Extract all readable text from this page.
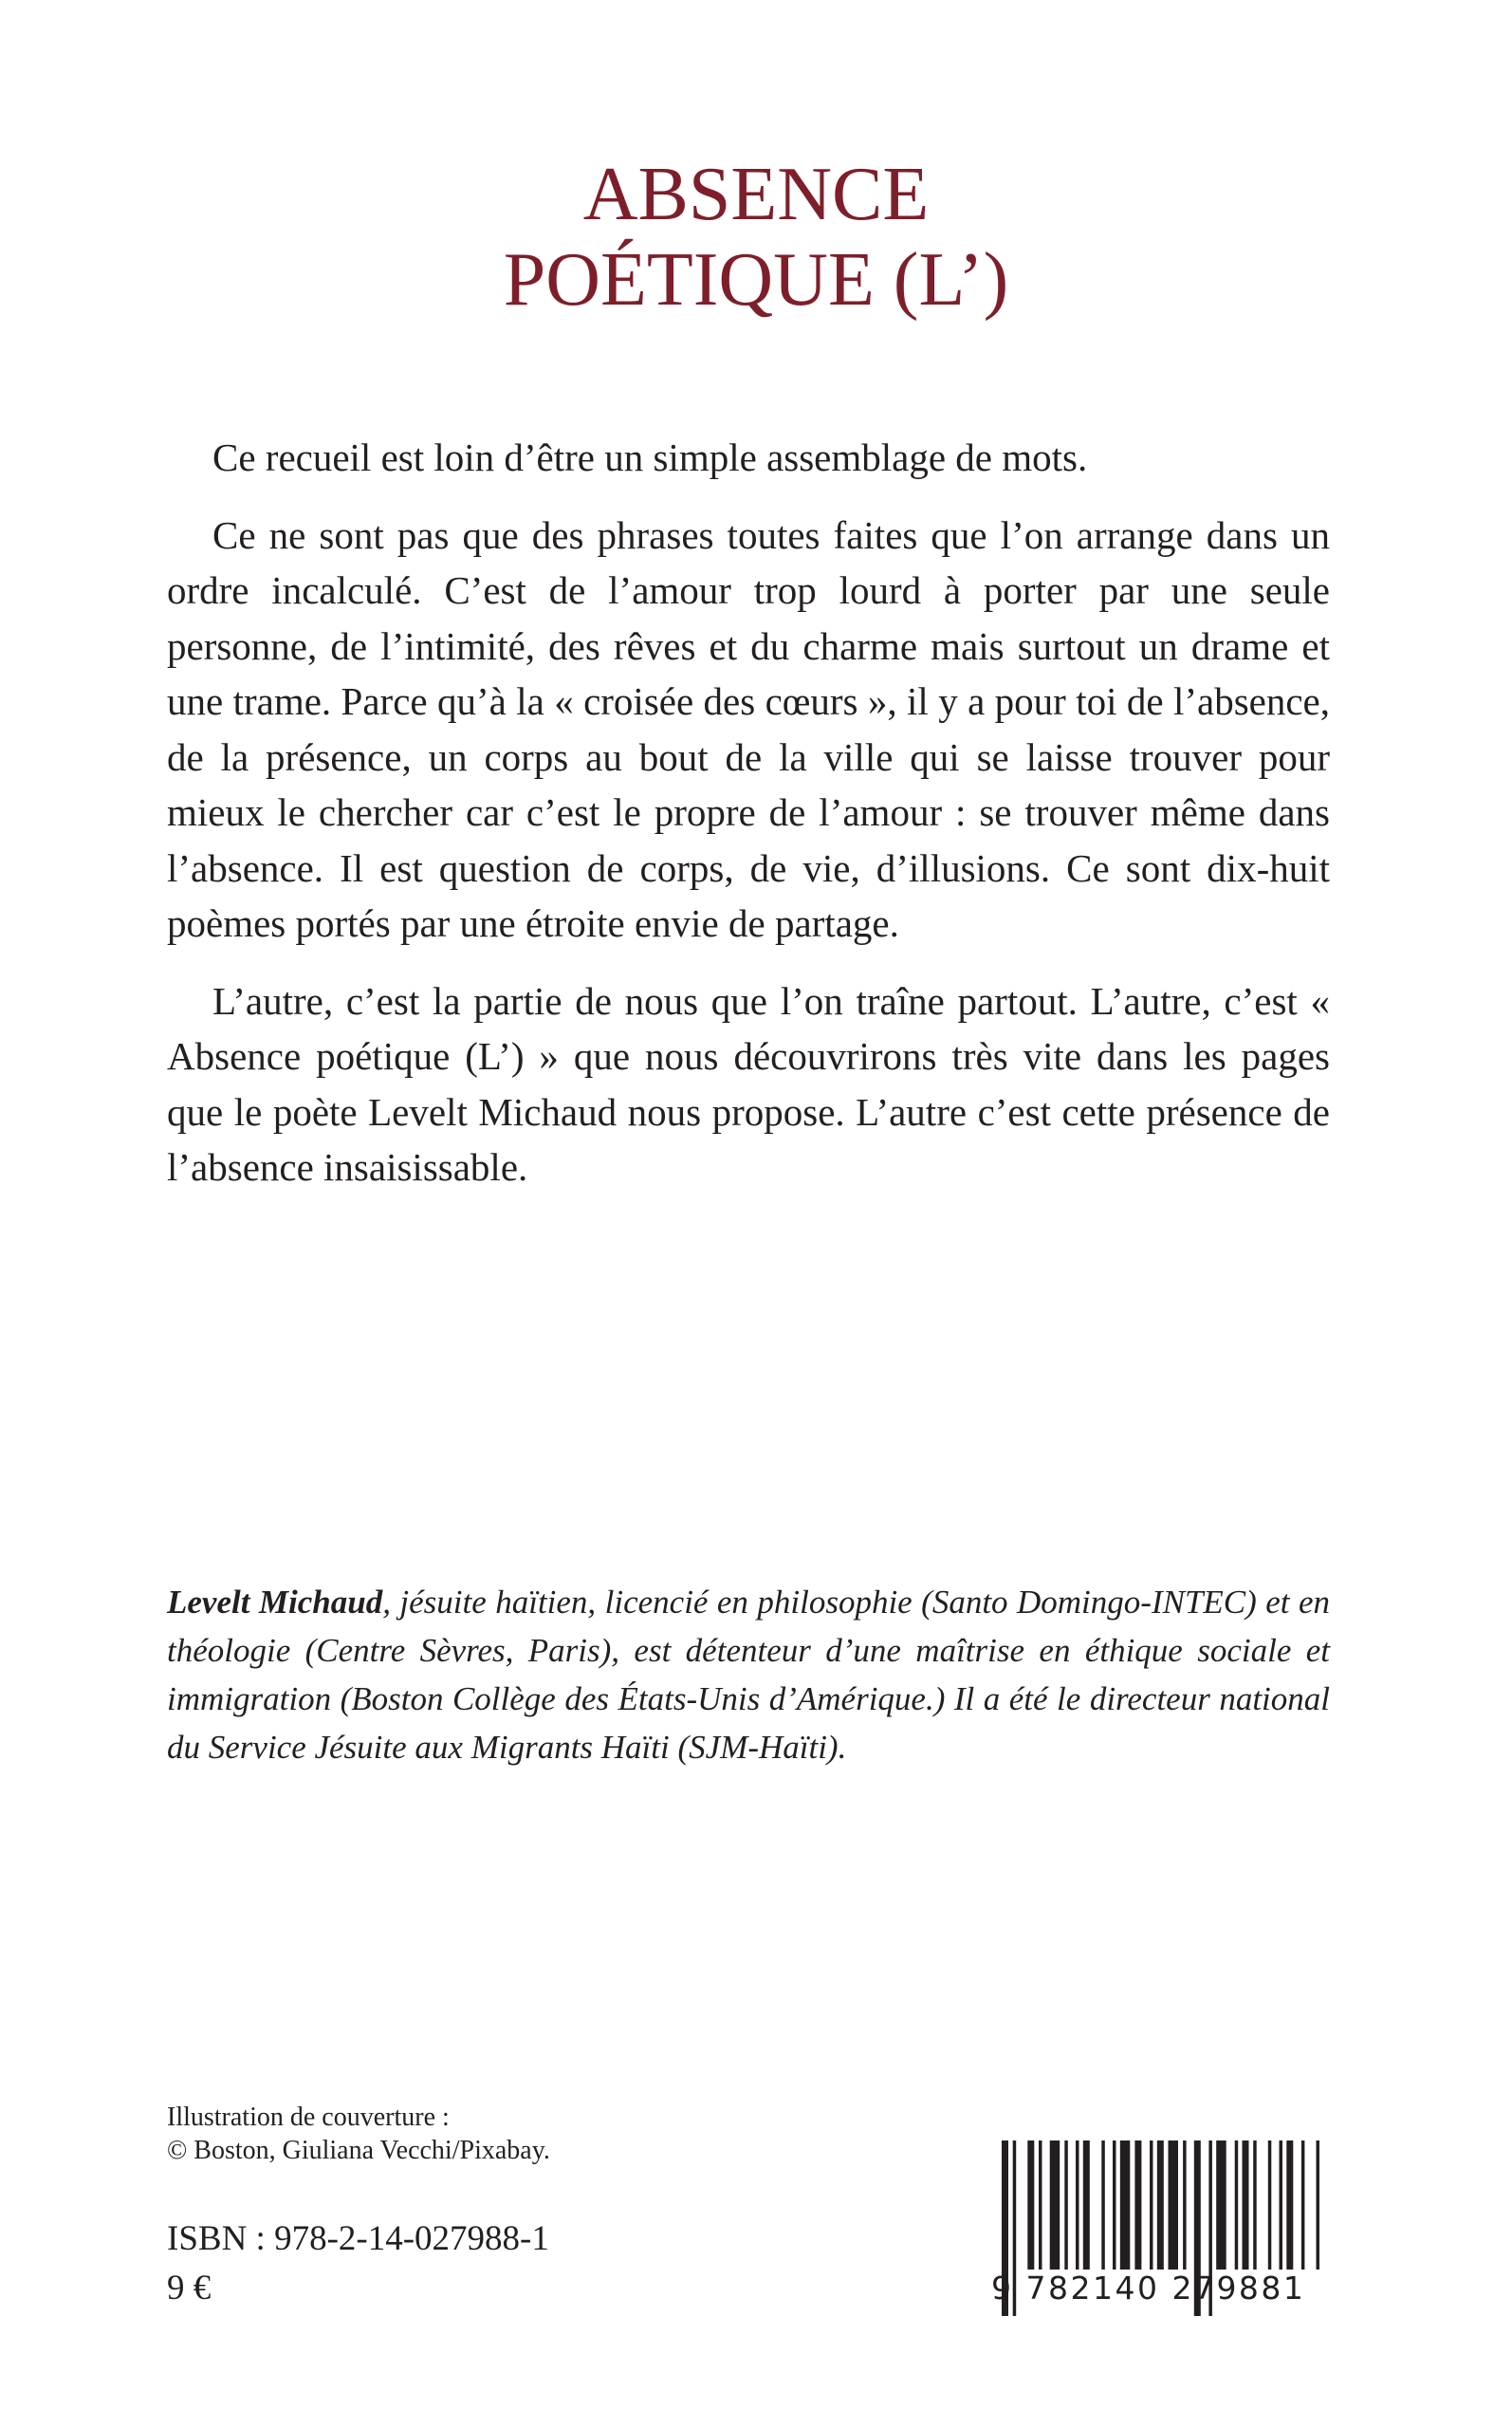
ABSENCE
POÉTIQUE (L’)

Ce recueil est loin d’être un simple assemblage de mots.

Ce ne sont pas que des phrases toutes faites que l’on arrange dans un ordre incalculé. C’est de l’amour trop lourd à porter par une seule personne, de l’intimité, des rêves et du charme mais surtout un drame et une trame. Parce qu’à la « croisée des cœurs », il y a pour toi de l’absence, de la présence, un corps au bout de la ville qui se laisse trouver pour mieux le chercher car c’est le propre de l’amour : se trouver même dans l’absence. Il est question de corps, de vie, d’illusions. Ce sont dix-huit poèmes portés par une étroite envie de partage.

L’autre, c’est la partie de nous que l’on traîne partout. L’autre, c’est « Absence poétique (L’) » que nous découvrirons très vite dans les pages que le poète Levelt Michaud nous propose. L’autre c’est cette présence de l’absence insaisissable.

Levelt Michaud, jésuite haïtien, licencié en philosophie (Santo Domingo-INTEC) et en théologie (Centre Sèvres, Paris), est détenteur d’une maîtrise en éthique sociale et immigration (Boston Collège des États-Unis d’Amérique.) Il a été le directeur national du Service Jésuite aux Migrants Haïti (SJM-Haïti).

Illustration de couverture :
© Boston, Giuliana Vecchi/Pixabay.
ISBN : 978-2-14-027988-1
9 €	9 782140 279881
